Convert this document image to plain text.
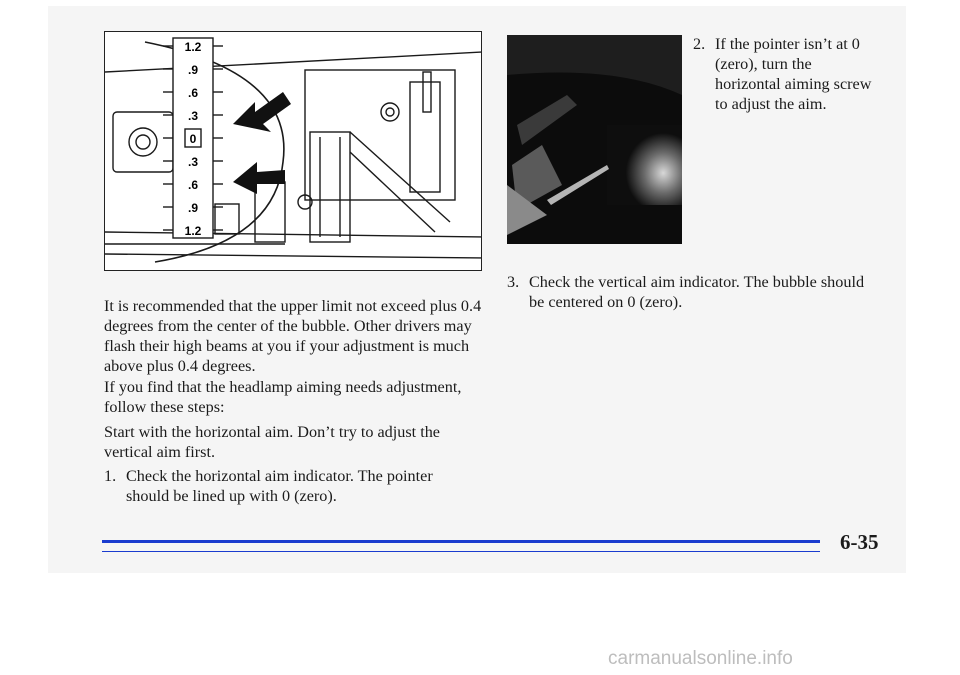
1.2
.9
.6
.3
0
.3
.6
.9
1.2
2. If the pointer isn’t at 0 (zero), turn the horizontal aiming screw to adjust the aim.
3. Check the vertical aim indicator. The bubble should be centered on 0 (zero).

It is recommended that the upper limit not exceed plus 0.4 degrees from the center of the bubble. Other drivers may flash their high beams at you if your adjustment is much above plus 0.4 degrees.

If you find that the headlamp aiming needs adjustment, follow these steps:

Start with the horizontal aim. Don’t try to adjust the vertical aim first.

1. Check the horizontal aim indicator. The pointer should be lined up with 0 (zero).
6-35
carmanualsonline.info
